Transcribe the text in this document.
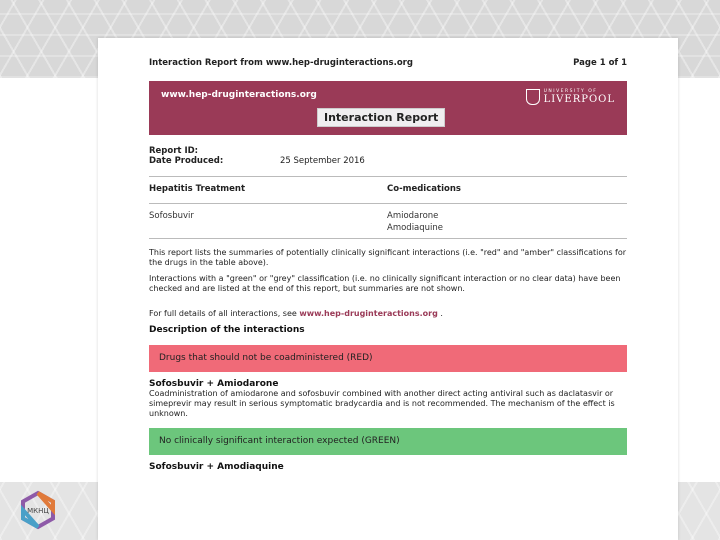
МКНЦ
Interaction Report from www.hep-druginteractions.org	Page 1 of 1
www.hep-druginteractions.org
Interaction Report
UNIVERSITY OF
LIVERPOOL
Report ID:
Date Produced:	25 September 2016
Hepatitis Treatment	Co-medications
Sofosbuvir	Amiodarone
Amodiaquine
This report lists the summaries of potentially clinically significant interactions (i.e. "red" and "amber" classifications for the drugs in the table above).
Interactions with a "green" or "grey" classification (i.e. no clinically significant interaction or no clear data) have been checked and are listed at the end of this report, but summaries are not shown.
For full details of all interactions, see www.hep-druginteractions.org .
Description of the interactions
Drugs that should not be coadministered (RED)
Sofosbuvir + Amiodarone
Coadministration of amiodarone and sofosbuvir combined with another direct acting antiviral such as daclatasvir or simeprevir may result in serious symptomatic bradycardia and is not recommended. The mechanism of the effect is unknown.
No clinically significant interaction expected (GREEN)
Sofosbuvir + Amodiaquine
